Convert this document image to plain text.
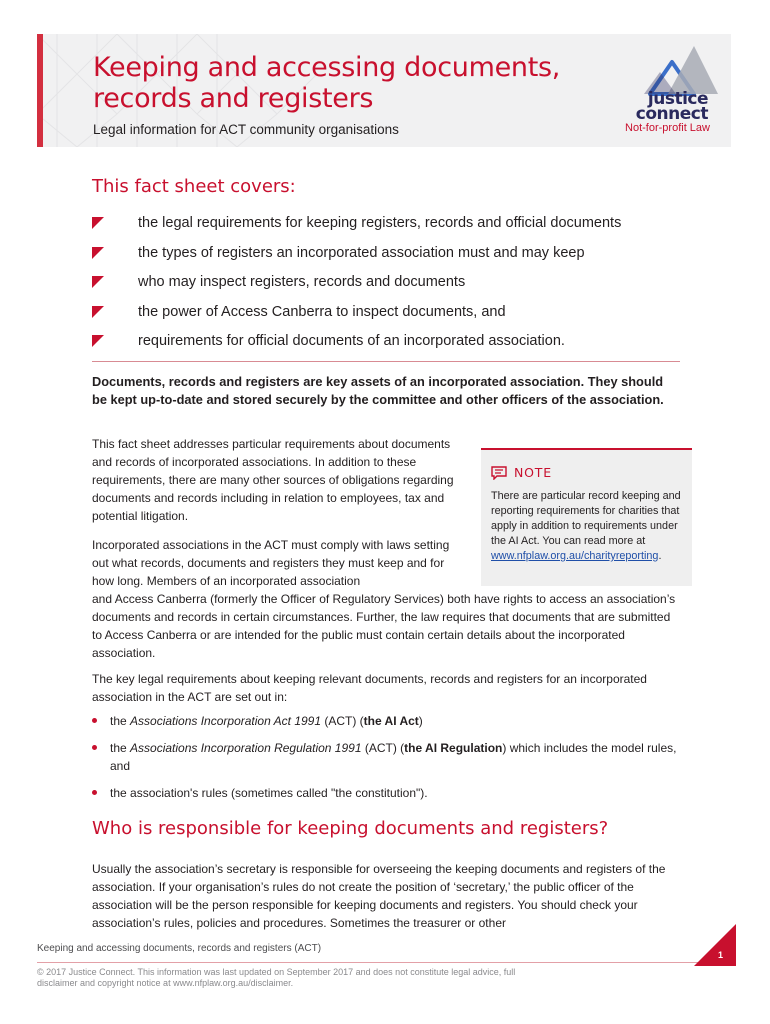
Keeping and accessing documents, records and registers

Legal information for ACT community organisations

justice connect
Not-for-profit Law
This fact sheet covers:
the legal requirements for keeping registers, records and official documents
the types of registers an incorporated association must and may keep
who may inspect registers, records and documents
the power of Access Canberra to inspect documents, and
requirements for official documents of an incorporated association.

Documents, records and registers are key assets of an incorporated association. They should be kept up-to-date and stored securely by the committee and other officers of the association.

This fact sheet addresses particular requirements about documents and records of incorporated associations. In addition to these requirements, there are many other sources of obligations regarding documents and records including in relation to employees, tax and potential litigation.

Incorporated associations in the ACT must comply with laws setting out what records, documents and registers they must keep and for how long. Members of an incorporated association

and Access Canberra (formerly the Officer of Regulatory Services) both have rights to access an association’s documents and records in certain circumstances. Further, the law requires that documents that are submitted to Access Canberra or are intended for the public must contain certain details about the incorporated association.

NOTE
There are particular record keeping and reporting requirements for charities that apply in addition to requirements under the AI Act. You can read more at www.nfplaw.org.au/charityreporting.

The key legal requirements about keeping relevant documents, records and registers for an incorporated association in the ACT are set out in:

the Associations Incorporation Act 1991 (ACT) (the AI Act)
the Associations Incorporation Regulation 1991 (ACT) (the AI Regulation) which includes the model rules, and
the association's rules (sometimes called "the constitution").
Who is responsible for keeping documents and registers?

Usually the association’s secretary is responsible for overseeing the keeping documents and registers of the association. If your organisation’s rules do not create the position of ‘secretary,’ the public officer of the association will be the person responsible for keeping documents and registers. You should check your association’s rules, policies and procedures. Sometimes the treasurer or other

Keeping and accessing documents, records and registers (ACT)
© 2017 Justice Connect. This information was last updated on September 2017 and does not constitute legal advice, full disclaimer and copyright notice at www.nfplaw.org.au/disclaimer.
1
